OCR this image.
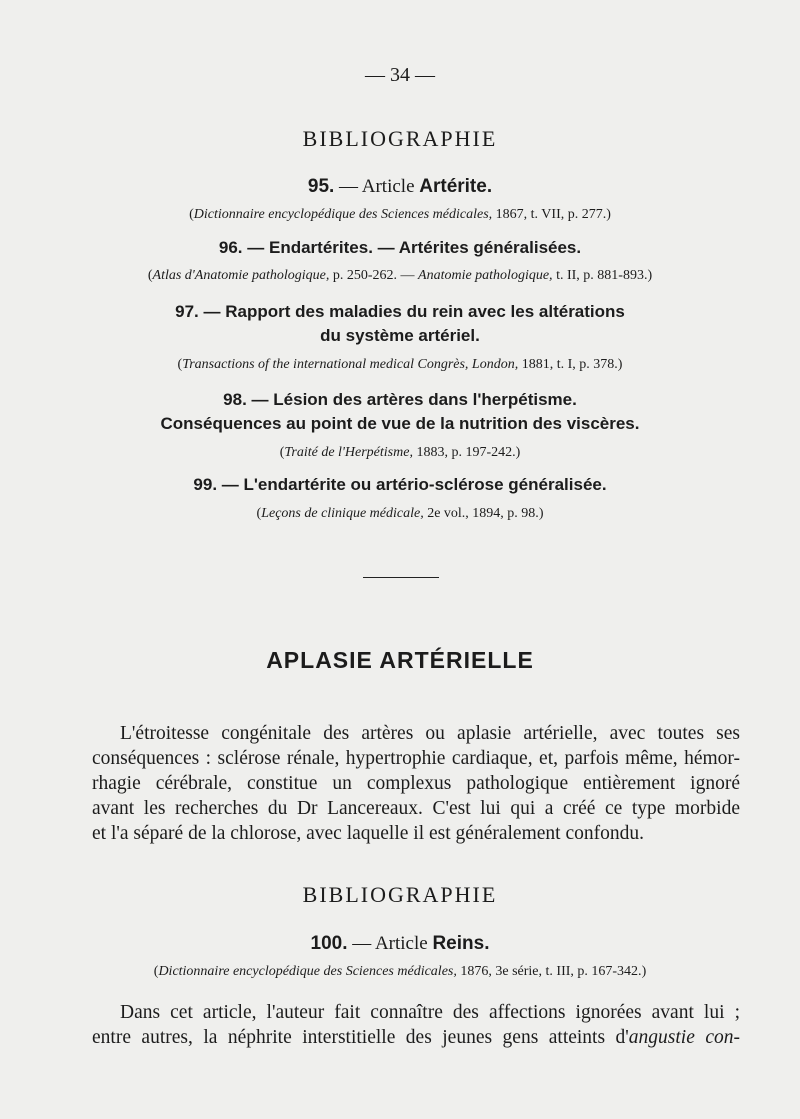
— 34 —
BIBLIOGRAPHIE
95. — Article Artérite.
(Dictionnaire encyclopédique des Sciences médicales, 1867, t. VII, p. 277.)
96. — Endartérites. — Artérites généralisées.
(Atlas d'Anatomie pathologique, p. 250-262. — Anatomie pathologique, t. II, p. 881-893.)
97. — Rapport des maladies du rein avec les altérations
du système artériel.
(Transactions of the international medical Congrès, London, 1881, t. I, p. 378.)
98. — Lésion des artères dans l'herpétisme.
Conséquences au point de vue de la nutrition des viscères.
(Traité de l'Herpétisme, 1883, p. 197-242.)
99. — L'endartérite ou artério-sclérose généralisée.
(Leçons de clinique médicale, 2e vol., 1894, p. 98.)
APLASIE ARTÉRIELLE
L'étroitesse congénitale des artères ou aplasie artérielle, avec toutes ses
conséquences : sclérose rénale, hypertrophie cardiaque, et, parfois même, hémor-
rhagie cérébrale, constitue un complexus pathologique entièrement ignoré
avant les recherches du Dr Lancereaux. C'est lui qui a créé ce type morbide
et l'a séparé de la chlorose, avec laquelle il est généralement confondu.
BIBLIOGRAPHIE
100. — Article Reins.
(Dictionnaire encyclopédique des Sciences médicales, 1876, 3e série, t. III, p. 167-342.)
Dans cet article, l'auteur fait connaître des affections ignorées avant lui ;
entre autres, la néphrite interstitielle des jeunes gens atteints d'angustie con-
